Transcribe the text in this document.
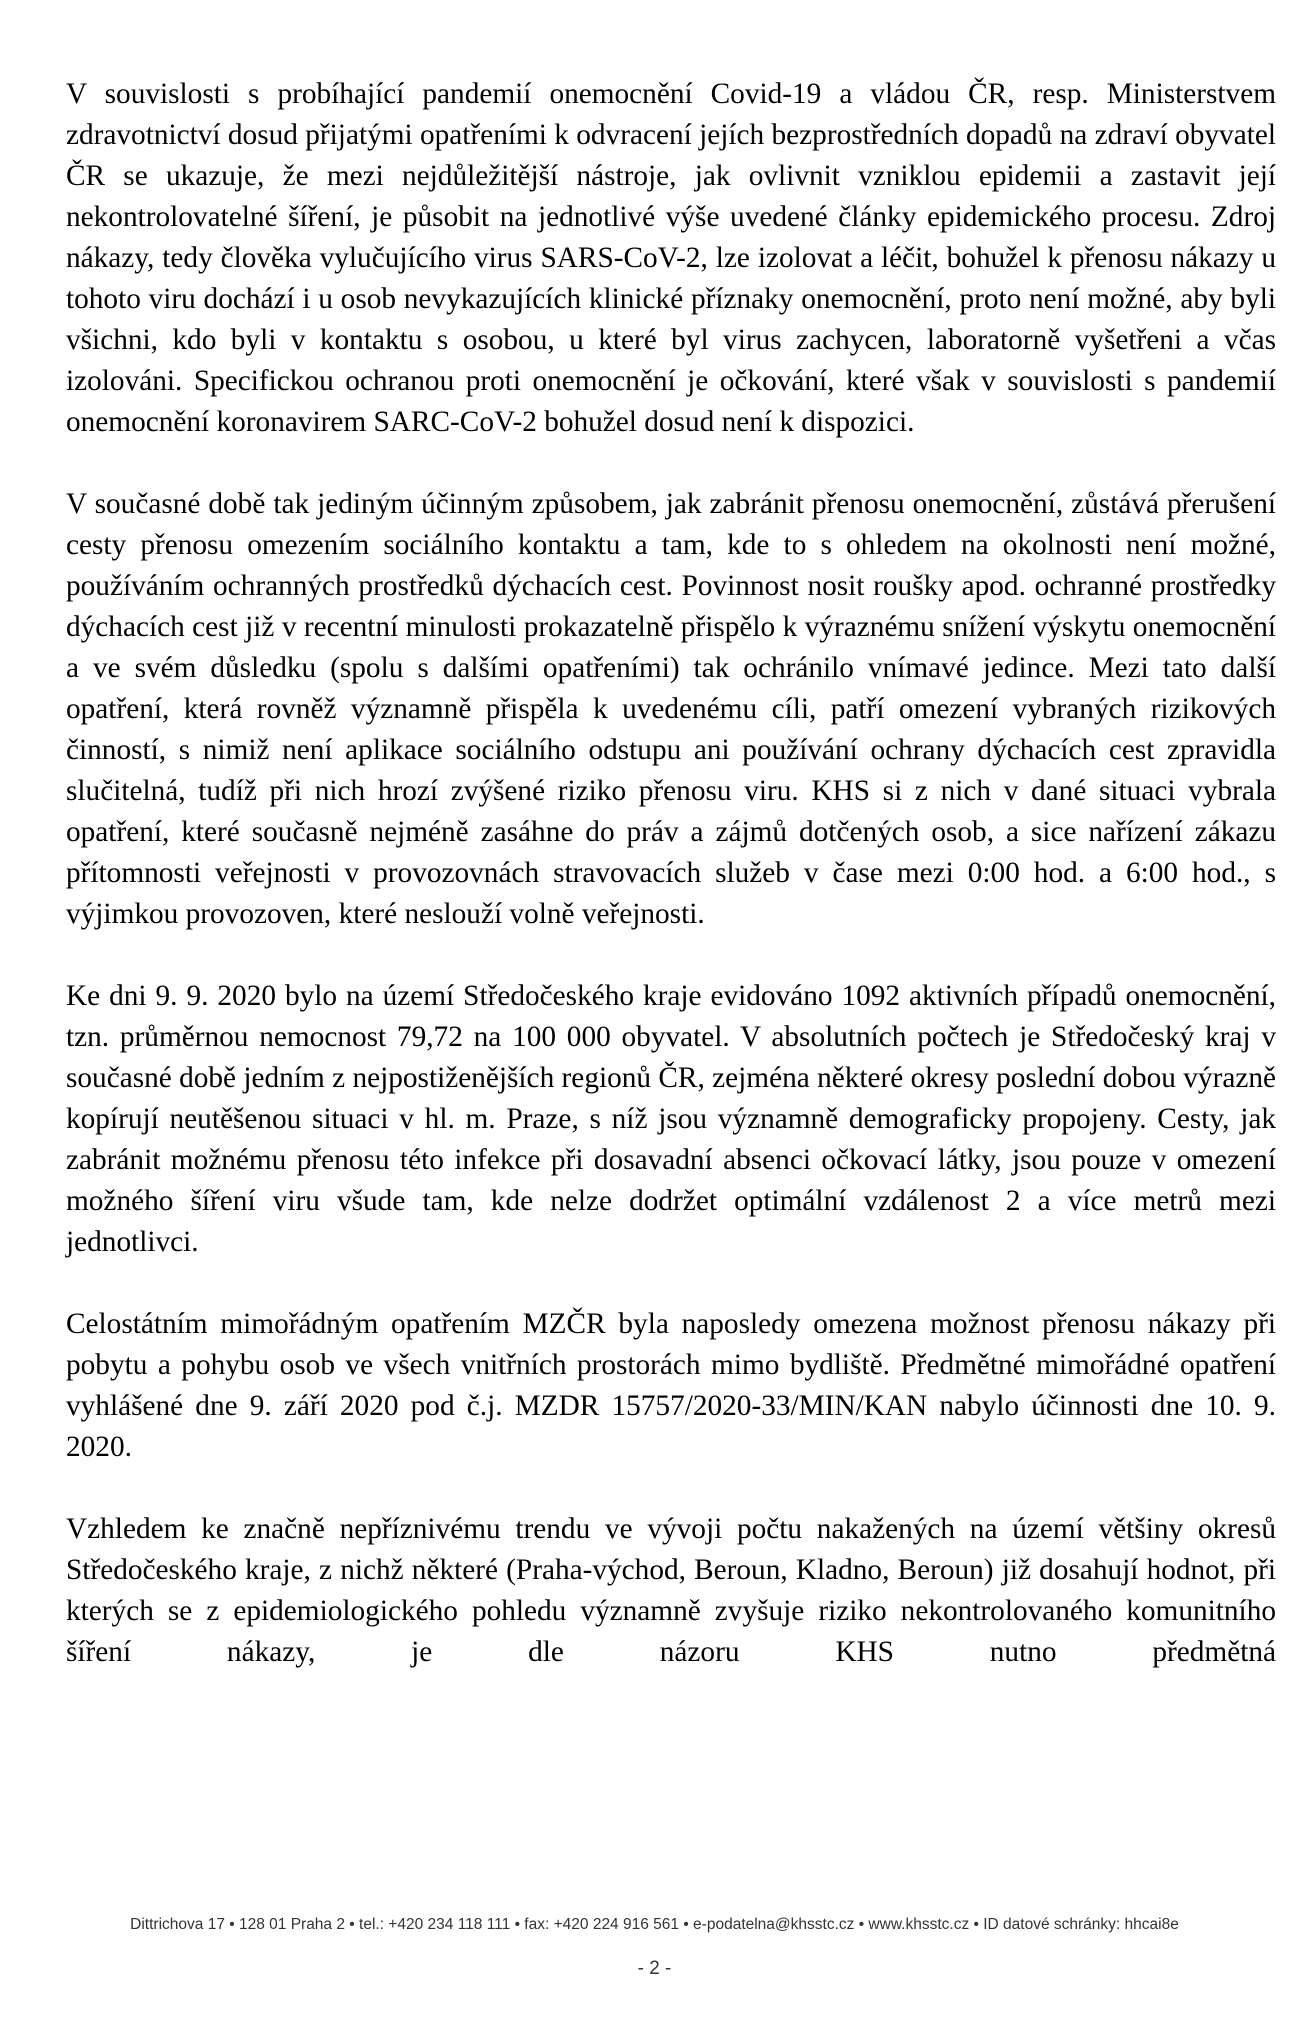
V souvislosti s probíhající pandemií onemocnění Covid-19 a vládou ČR, resp. Ministerstvem zdravotnictví dosud přijatými opatřeními k odvracení jejích bezprostředních dopadů na zdraví obyvatel ČR se ukazuje, že mezi nejdůležitější nástroje, jak ovlivnit vzniklou epidemii a zastavit její nekontrolovatelné šíření, je působit na jednotlivé výše uvedené články epidemického procesu. Zdroj nákazy, tedy člověka vylučujícího virus SARS-CoV-2, lze izolovat a léčit, bohužel k přenosu nákazy u tohoto viru dochází i u osob nevykazujících klinické příznaky onemocnění, proto není možné, aby byli všichni, kdo byli v kontaktu s osobou, u které byl virus zachycen, laboratorně vyšetřeni a včas izolováni. Specifickou ochranou proti onemocnění je očkování, které však v souvislosti s pandemií onemocnění koronavirem SARC-CoV-2 bohužel dosud není k dispozici.

V současné době tak jediným účinným způsobem, jak zabránit přenosu onemocnění, zůstává přerušení cesty přenosu omezením sociálního kontaktu a tam, kde to s ohledem na okolnosti není možné, používáním ochranných prostředků dýchacích cest. Povinnost nosit roušky apod. ochranné prostředky dýchacích cest již v recentní minulosti prokazatelně přispělo k výraznému snížení výskytu onemocnění a ve svém důsledku (spolu s dalšími opatřeními) tak ochránilo vnímavé jedince. Mezi tato další opatření, která rovněž významně přispěla k uvedenému cíli, patří omezení vybraných rizikových činností, s nimiž není aplikace sociálního odstupu ani používání ochrany dýchacích cest zpravidla slučitelná, tudíž při nich hrozí zvýšené riziko přenosu viru. KHS si z nich v dané situaci vybrala opatření, které současně nejméně zasáhne do práv a zájmů dotčených osob, a sice nařízení zákazu přítomnosti veřejnosti v provozovnách stravovacích služeb v čase mezi 0:00 hod. a 6:00 hod., s výjimkou provozoven, které neslouží volně veřejnosti.

Ke dni 9. 9. 2020 bylo na území Středočeského kraje evidováno 1092 aktivních případů onemocnění, tzn. průměrnou nemocnost 79,72 na 100 000 obyvatel. V absolutních počtech je Středočeský kraj v současné době jedním z nejpostiženějších regionů ČR, zejména některé okresy poslední dobou výrazně kopírují neutěšenou situaci v hl. m. Praze, s níž jsou významně demograficky propojeny. Cesty, jak zabránit možnému přenosu této infekce při dosavadní absenci očkovací látky, jsou pouze v omezení možného šíření viru všude tam, kde nelze dodržet optimální vzdálenost 2 a více metrů mezi jednotlivci.

Celostátním mimořádným opatřením MZČR byla naposledy omezena možnost přenosu nákazy při pobytu a pohybu osob ve všech vnitřních prostorách mimo bydliště. Předmětné mimořádné opatření vyhlášené dne 9. září 2020 pod č.j. MZDR 15757/2020-33/MIN/KAN nabylo účinnosti dne 10. 9. 2020.

Vzhledem ke značně nepříznivému trendu ve vývoji počtu nakažených na území většiny okresů Středočeského kraje, z nichž některé (Praha-východ, Beroun, Kladno, Beroun) již dosahují hodnot, při kterých se z epidemiologického pohledu významně zvyšuje riziko nekontrolovaného komunitního šíření nákazy, je dle názoru KHS nutno předmětná

Dittrichova 17 • 128 01 Praha 2 • tel.: +420 234 118 111 • fax: +420 224 916 561 • e-podatelna@khsstc.cz • www.khsstc.cz • ID datové schránky: hhcai8e
- 2 -
